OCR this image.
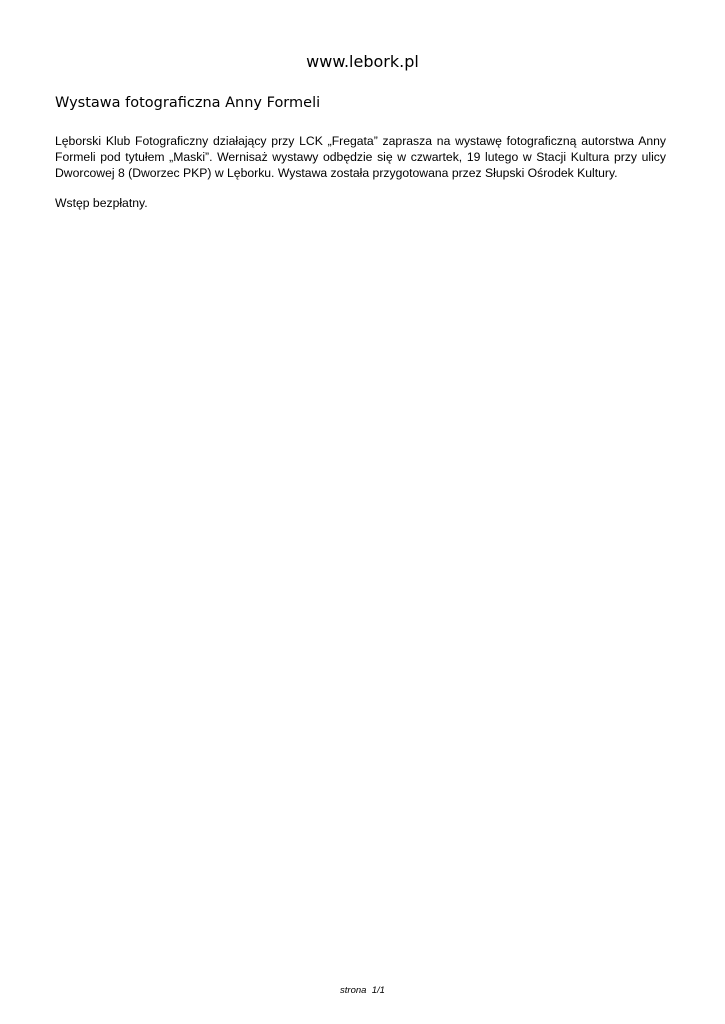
www.lebork.pl
Wystawa fotograficzna Anny Formeli

Lęborski Klub Fotograficzny działający przy LCK „Fregata” zaprasza na wystawę fotograficzną autorstwa Anny Formeli pod tytułem „Maski”. Wernisaż wystawy odbędzie się w czwartek, 19 lutego w Stacji Kultura przy ulicy Dworcowej 8 (Dworzec PKP) w Lęborku. Wystawa została przygotowana przez Słupski Ośrodek Kultury.

Wstęp bezpłatny.

strona  1/1
